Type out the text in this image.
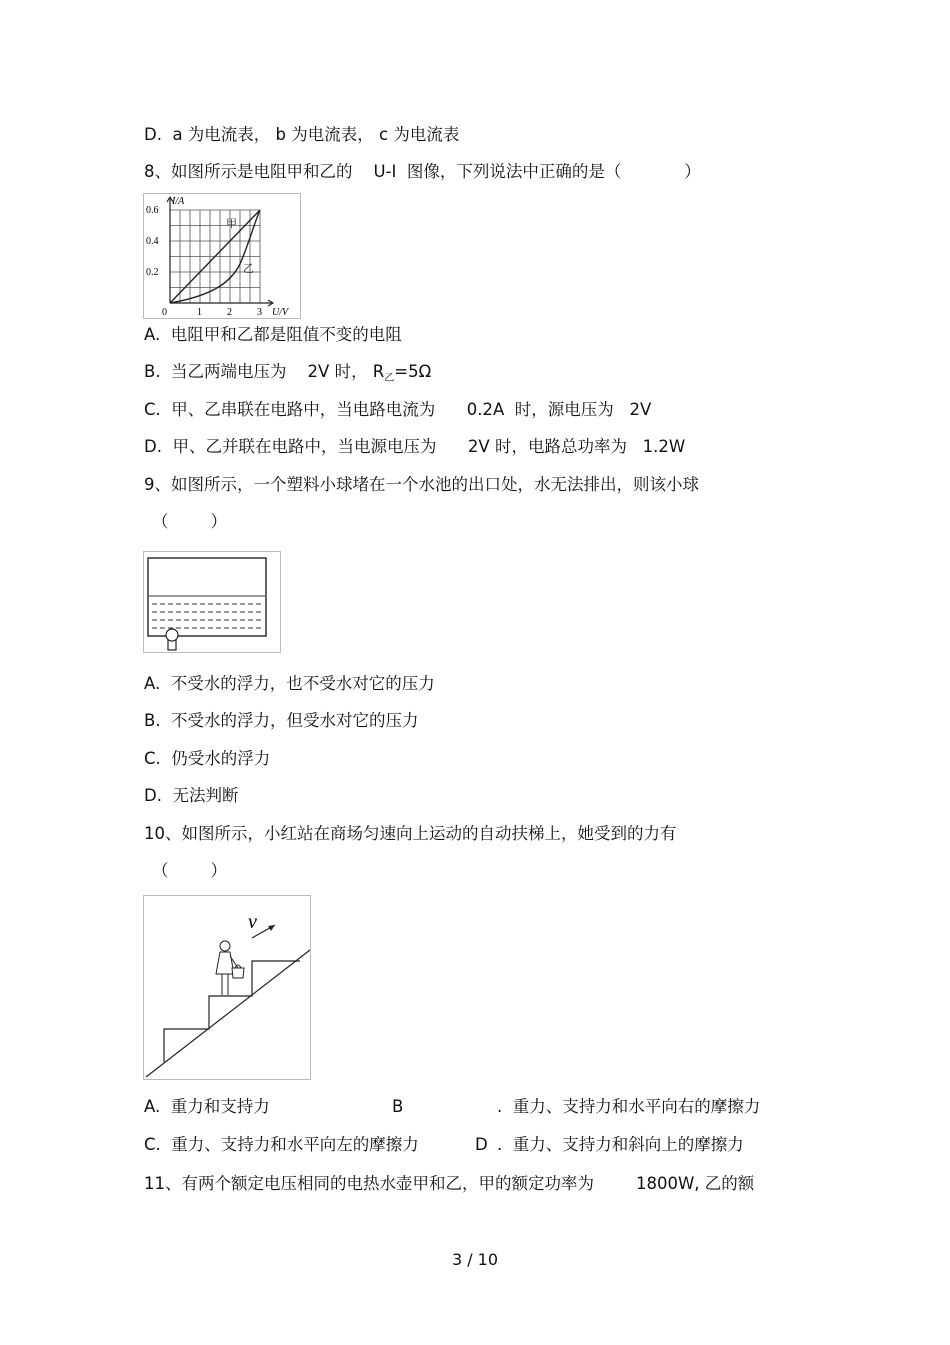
D.  a 为电流表， b 为电流表， c 为电流表
8、如图所示是电阻甲和乙的    U-I  图像，下列说法中正确的是（            ）
I/A
U/V
0.6
0.4
0.2
0	1	2	3
甲
乙
A.  电阻甲和乙都是阻值不变的电阻
B.  当乙两端电压为    2V 时， $R_乙=5\Omega$
C.  甲、乙串联在电路中，当电路电流为      0.2A  时，源电压为   2V
D.  甲、乙并联在电路中，当电源电压为      2V 时，电路总功率为   1.2W
9、如图所示，一个塑料小球堵在一个水池的出口处，水无法排出，则该小球
（        ）
A.  不受水的浮力，也不受水对它的压力
B.  不受水的浮力，但受水对它的压力
C.  仍受水的浮力
D.  无法判断
10、如图所示，小红站在商场匀速向上运动的自动扶梯上，她受到的力有
（        ）
v
A.  重力和支持力	B	.  重力、支持力和水平向右的摩擦力
C.  重力、支持力和水平向左的摩擦力	D .  重力、支持力和斜向上的摩擦力
11、有两个额定电压相同的电热水壶甲和乙，甲的额定功率为        1800W, 乙的额
3 / 10
